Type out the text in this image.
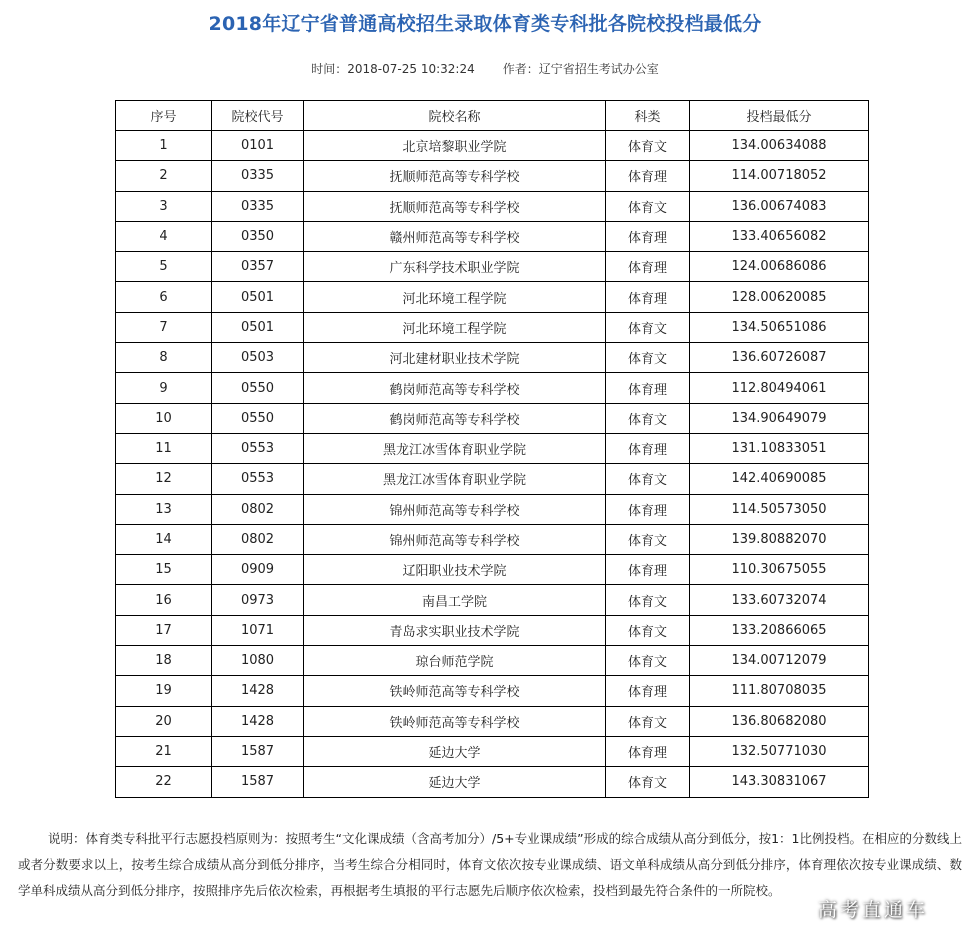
2018年辽宁省普通高校招生录取体育类专科批各院校投档最低分
时间：2018-07-25 10:32:24 作者：辽宁省招生考试办公室
序号	院校代号	院校名称	科类	投档最低分
1	0101	北京培黎职业学院	体育文	134.00634088
2	0335	抚顺师范高等专科学校	体育理	114.00718052
3	0335	抚顺师范高等专科学校	体育文	136.00674083
4	0350	赣州师范高等专科学校	体育理	133.40656082
5	0357	广东科学技术职业学院	体育理	124.00686086
6	0501	河北环境工程学院	体育理	128.00620085
7	0501	河北环境工程学院	体育文	134.50651086
8	0503	河北建材职业技术学院	体育文	136.60726087
9	0550	鹤岗师范高等专科学校	体育理	112.80494061
10	0550	鹤岗师范高等专科学校	体育文	134.90649079
11	0553	黑龙江冰雪体育职业学院	体育理	131.10833051
12	0553	黑龙江冰雪体育职业学院	体育文	142.40690085
13	0802	锦州师范高等专科学校	体育理	114.50573050
14	0802	锦州师范高等专科学校	体育文	139.80882070
15	0909	辽阳职业技术学院	体育理	110.30675055
16	0973	南昌工学院	体育文	133.60732074
17	1071	青岛求实职业技术学院	体育文	133.20866065
18	1080	琼台师范学院	体育文	134.00712079
19	1428	铁岭师范高等专科学校	体育理	111.80708035
20	1428	铁岭师范高等专科学校	体育文	136.80682080
21	1587	延边大学	体育理	132.50771030
22	1587	延边大学	体育文	143.30831067
说明：体育类专科批平行志愿投档原则为：按照考生“文化课成绩（含高考加分）/5+专业课成绩”形成的综合成绩从高分到低分，按1：1比例投档。在相应的分数线上或者分数要求以上，按考生综合成绩从高分到低分排序，当考生综合分相同时，体育文依次按专业课成绩、语文单科成绩从高分到低分排序，体育理依次按专业课成绩、数学单科成绩从高分到低分排序，按照排序先后依次检索，再根据考生填报的平行志愿先后顺序依次检索，投档到最先符合条件的一所院校。
高考直通车
